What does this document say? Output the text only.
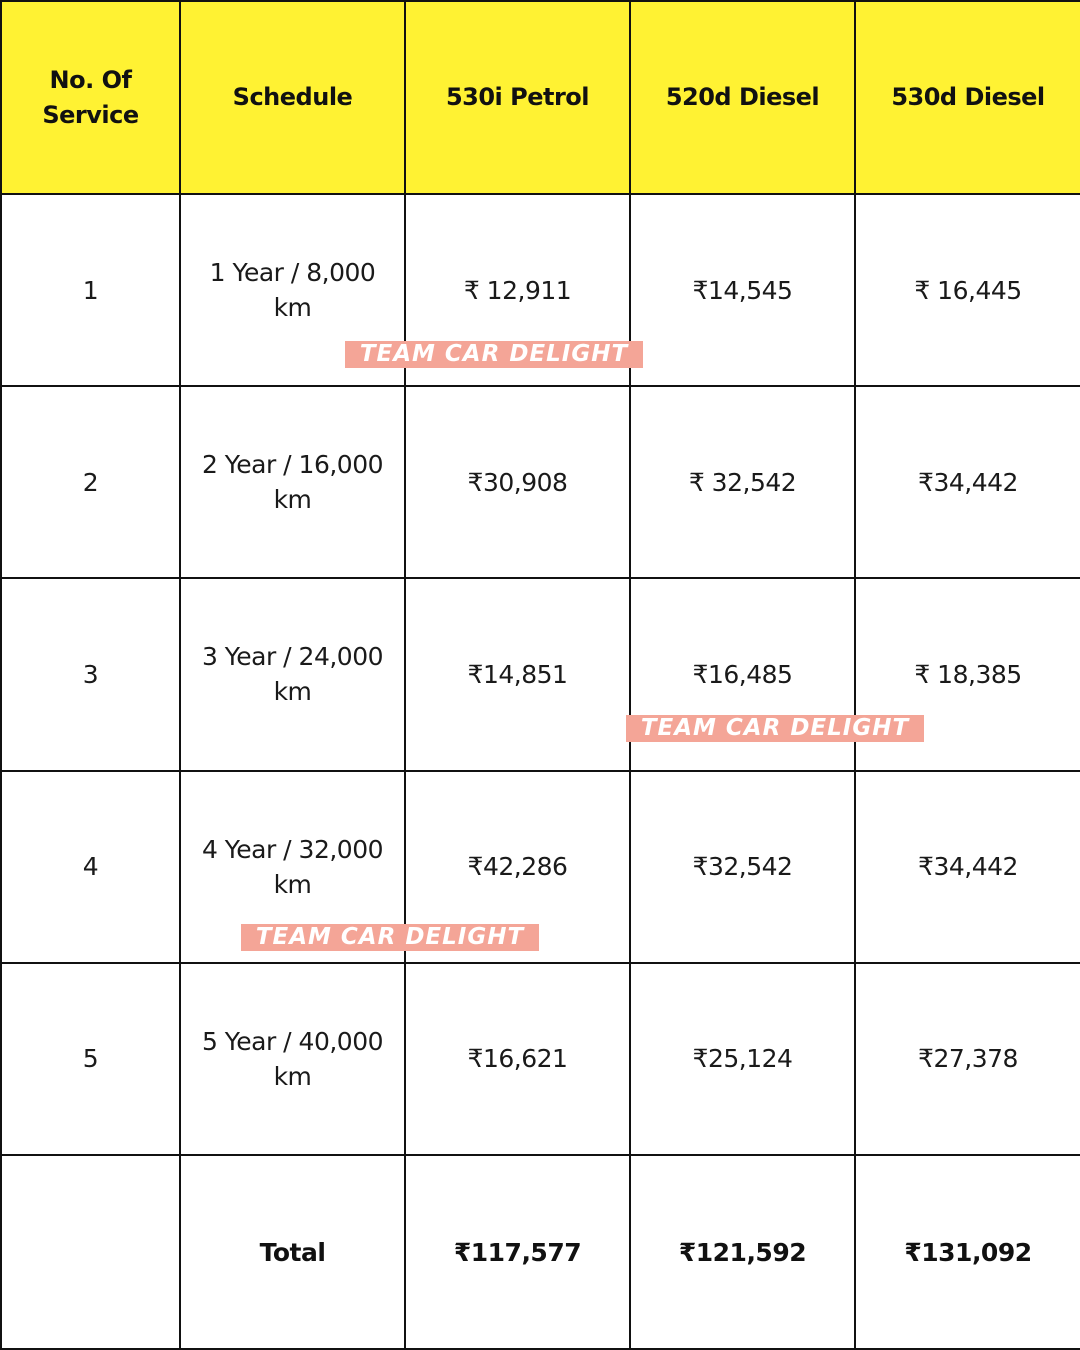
No. Of Service	Schedule	530i Petrol	520d Diesel	530d Diesel
1	1 Year / 8,000 km	₹ 12,911	₹14,545	₹ 16,445
2	2 Year / 16,000 km	₹30,908	₹ 32,542	₹34,442
3	3 Year / 24,000 km	₹14,851	₹16,485	₹ 18,385
4	4 Year / 32,000 km	₹42,286	₹32,542	₹34,442
5	5 Year / 40,000 km	₹16,621	₹25,124	₹27,378
	Total	₹117,577	₹121,592	₹131,092
TEAM CAR DELIGHT
TEAM CAR DELIGHT
TEAM CAR DELIGHT
